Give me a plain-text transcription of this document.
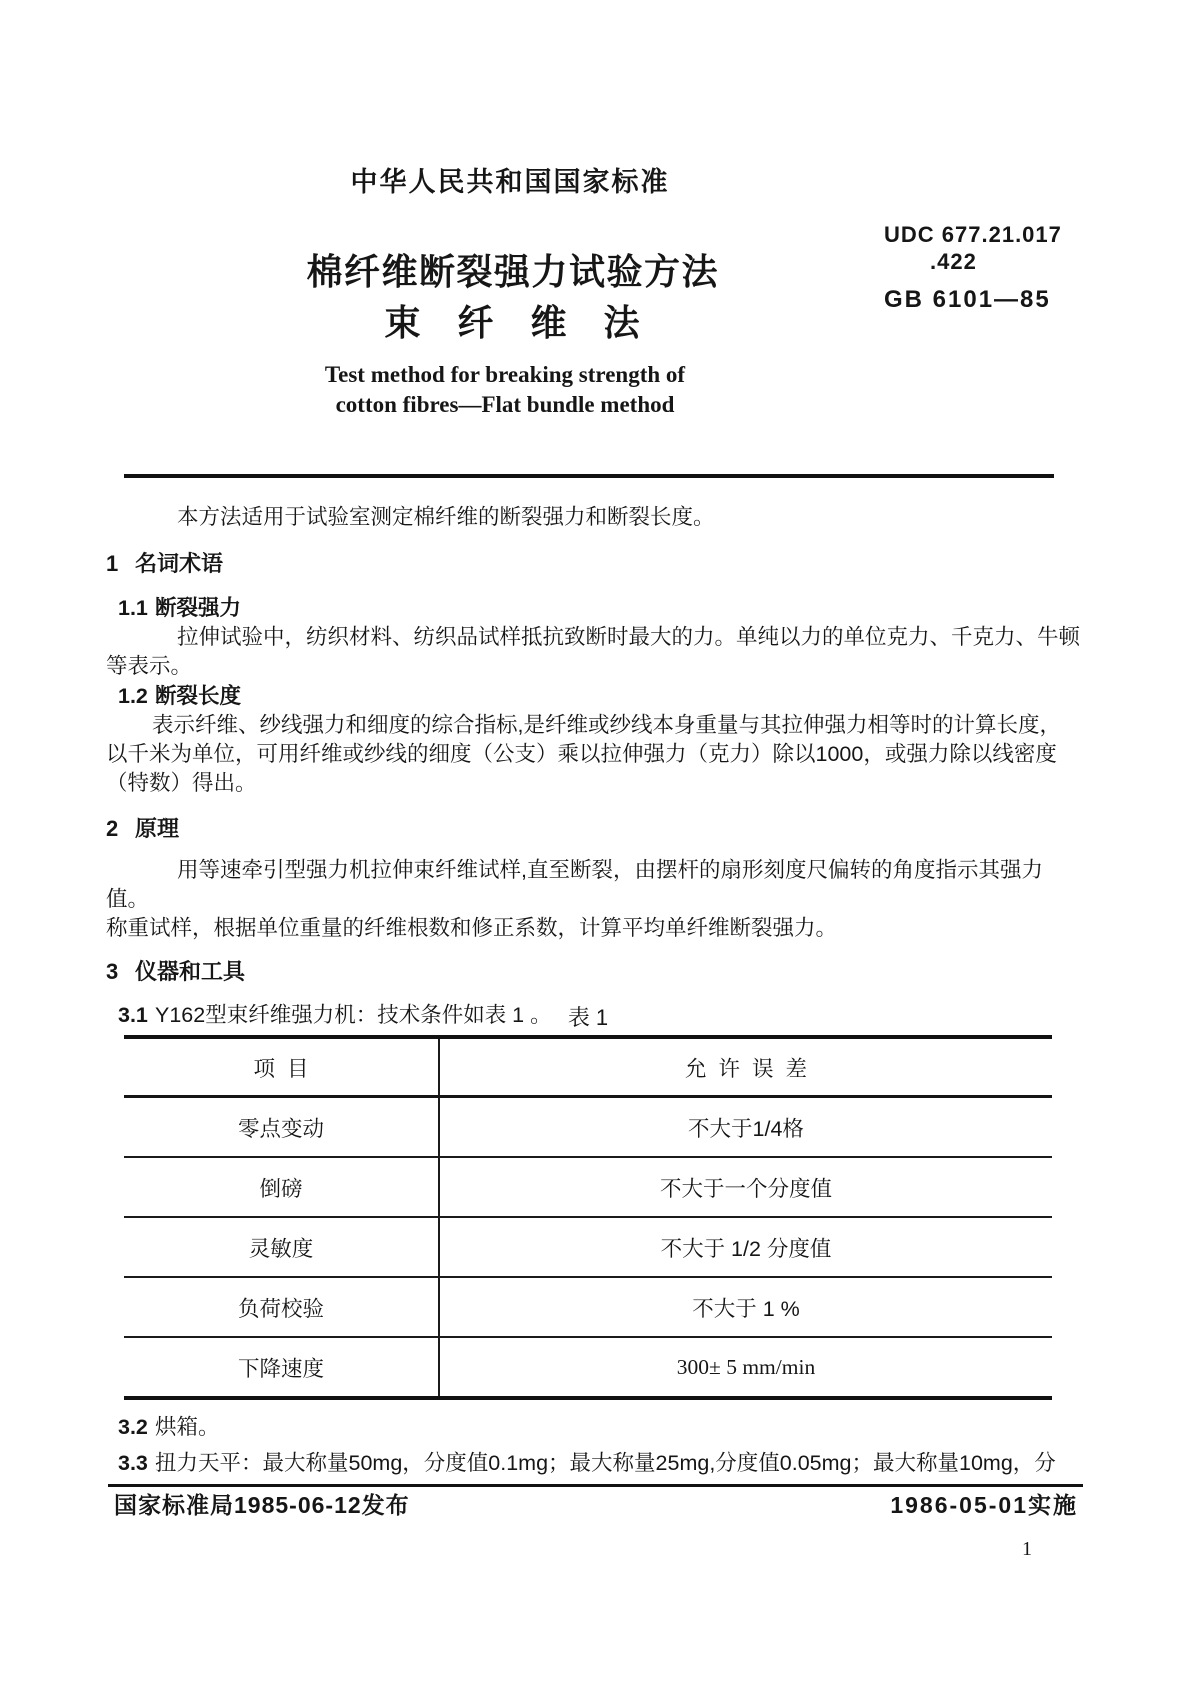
中华人民共和国国家标准
UDC 677.21.017
.422
棉纤维断裂强力试验方法
GB 6101—85
束纤维法
Test method for breaking strength of
cotton fibres—Flat bundle method

本方法适用于试验室测定棉纤维的断裂强力和断裂长度。

1 名词术语
1.1 断裂强力

拉伸试验中，纺织材料、纺织品试样抵抗致断时最大的力。单纯以力的单位克力、千克力、牛顿

等表示。

1.2 断裂长度

表示纤维、纱线强力和细度的综合指标,是纤维或纱线本身重量与其拉伸强力相等时的计算长度，

以千米为单位，可用纤维或纱线的细度（公支）乘以拉伸强力（克力）除以1000，或强力除以线密度

（特数）得出。

2 原理

用等速牵引型强力机拉伸束纤维试样,直至断裂，由摆杆的扇形刻度尺偏转的角度指示其强力值。

称重试样，根据单位重量的纤维根数和修正系数，计算平均单纤维断裂强力。

3 仪器和工具
3.1 Y162型束纤维强力机：技术条件如表 1 。 表 1
项目	允许误差
零点变动	不大于1/4格
倒磅	不大于一个分度值
灵敏度	不大于 1/2 分度值
负荷校验	不大于 1 %
下降速度	300± 5 mm/min
3.2 烘箱。
3.3 扭力天平：最大称量50mg，分度值0.1mg；最大称量25mg,分度值0.05mg；最大称量10mg，分
国家标准局1985-06-12发布	1986-05-01实施
1
